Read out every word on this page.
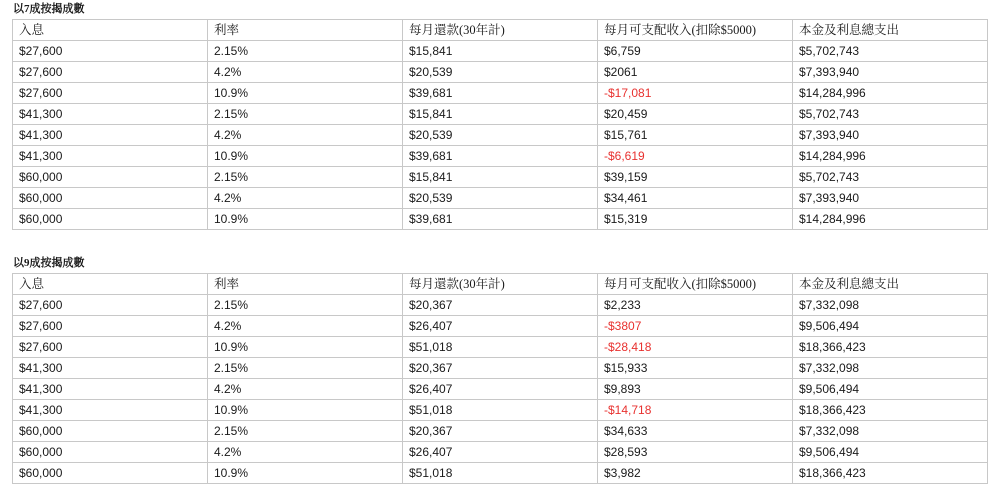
以7成按揭成數
入息	利率	每月還款(30年計)	每月可支配收入(扣除$5000)	本金及利息總支出
$27,600	2.15%	$15,841	$6,759	$5,702,743
$27,600	4.2%	$20,539	$2061	$7,393,940
$27,600	10.9%	$39,681	-$17,081	$14,284,996
$41,300	2.15%	$15,841	$20,459	$5,702,743
$41,300	4.2%	$20,539	$15,761	$7,393,940
$41,300	10.9%	$39,681	-$6,619	$14,284,996
$60,000	2.15%	$15,841	$39,159	$5,702,743
$60,000	4.2%	$20,539	$34,461	$7,393,940
$60,000	10.9%	$39,681	$15,319	$14,284,996
以9成按揭成數
入息	利率	每月還款(30年計)	每月可支配收入(扣除$5000)	本金及利息總支出
$27,600	2.15%	$20,367	$2,233	$7,332,098
$27,600	4.2%	$26,407	-$3807	$9,506,494
$27,600	10.9%	$51,018	-$28,418	$18,366,423
$41,300	2.15%	$20,367	$15,933	$7,332,098
$41,300	4.2%	$26,407	$9,893	$9,506,494
$41,300	10.9%	$51,018	-$14,718	$18,366,423
$60,000	2.15%	$20,367	$34,633	$7,332,098
$60,000	4.2%	$26,407	$28,593	$9,506,494
$60,000	10.9%	$51,018	$3,982	$18,366,423
